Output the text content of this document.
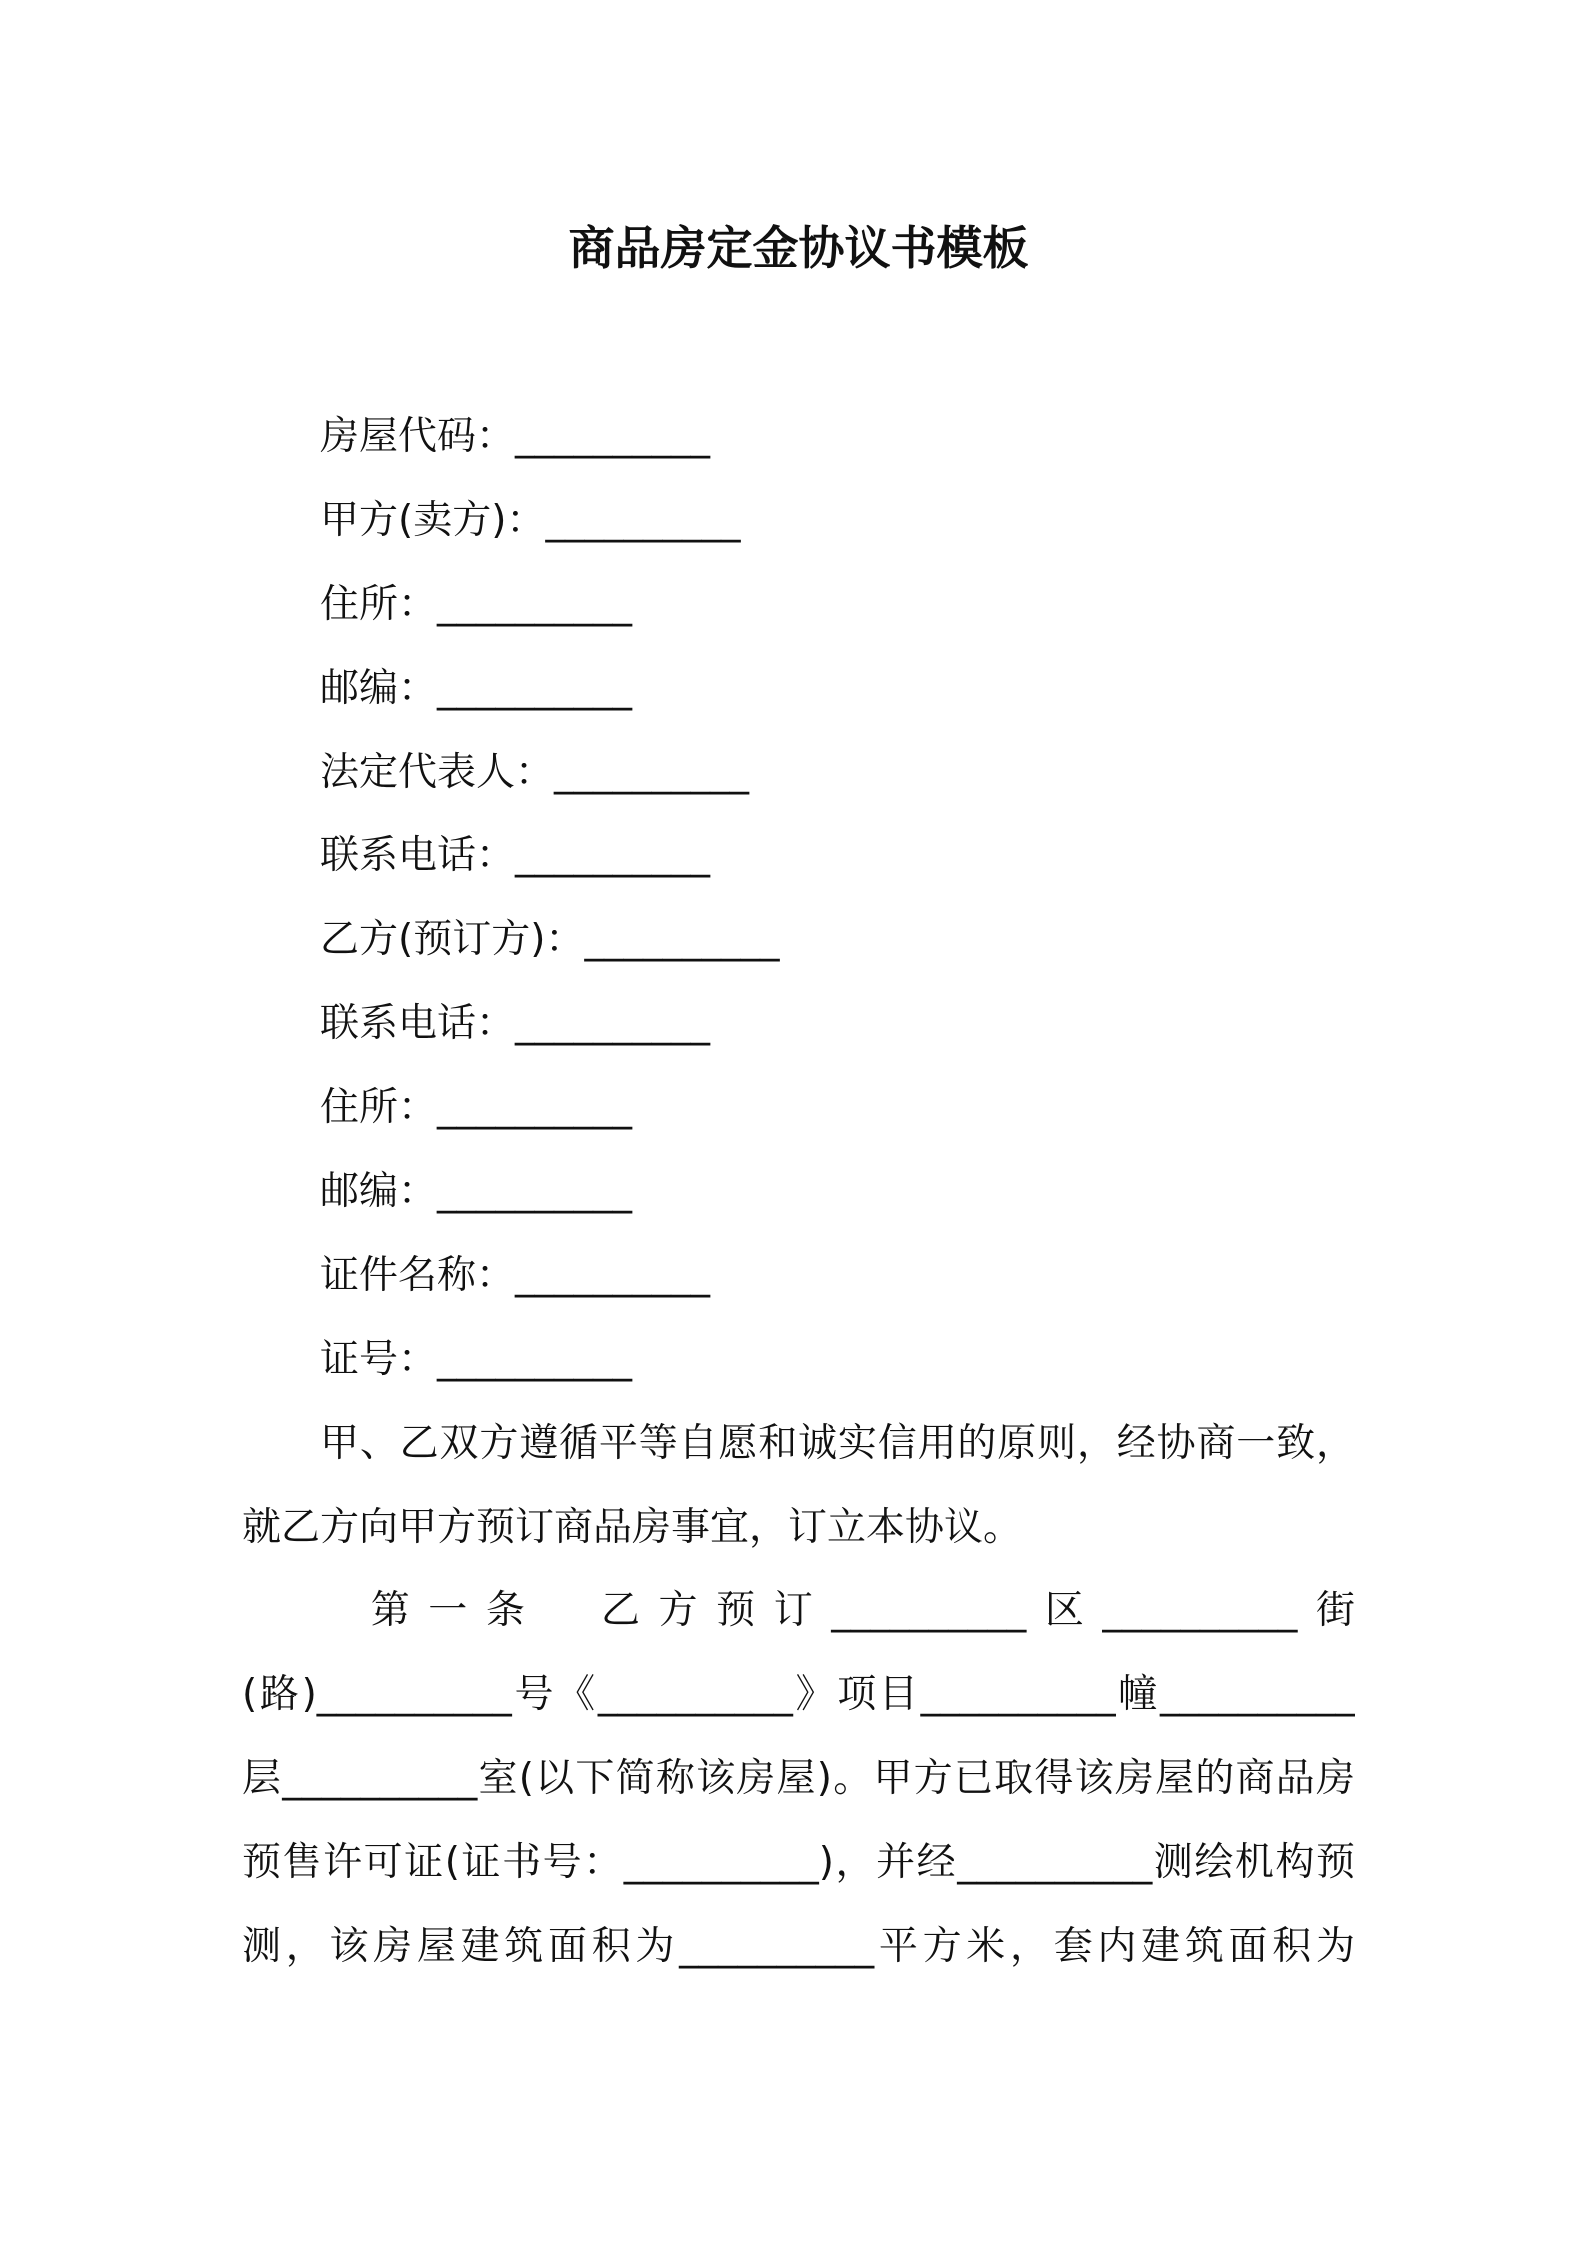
商品房定金协议书模板
房屋代码：__________
甲方(卖方)：__________
住所：__________
邮编：__________
法定代表人：__________
联系电话：__________
乙方(预订方)：__________
联系电话：__________
住所：__________
邮编：__________
证件名称：__________
证号：__________
甲、乙双方遵循平等自愿和诚实信用的原则，经协商一致，
就乙方向甲方预订商品房事宜，订立本协议。
第一条　乙方预订__________区__________街
(路)__________号《__________》项目__________幢__________
层__________室(以下简称该房屋)。甲方已取得该房屋的商品房
预售许可证(证书号：__________)，并经__________测绘机构预
测，该房屋建筑面积为__________平方米，套内建筑面积为
